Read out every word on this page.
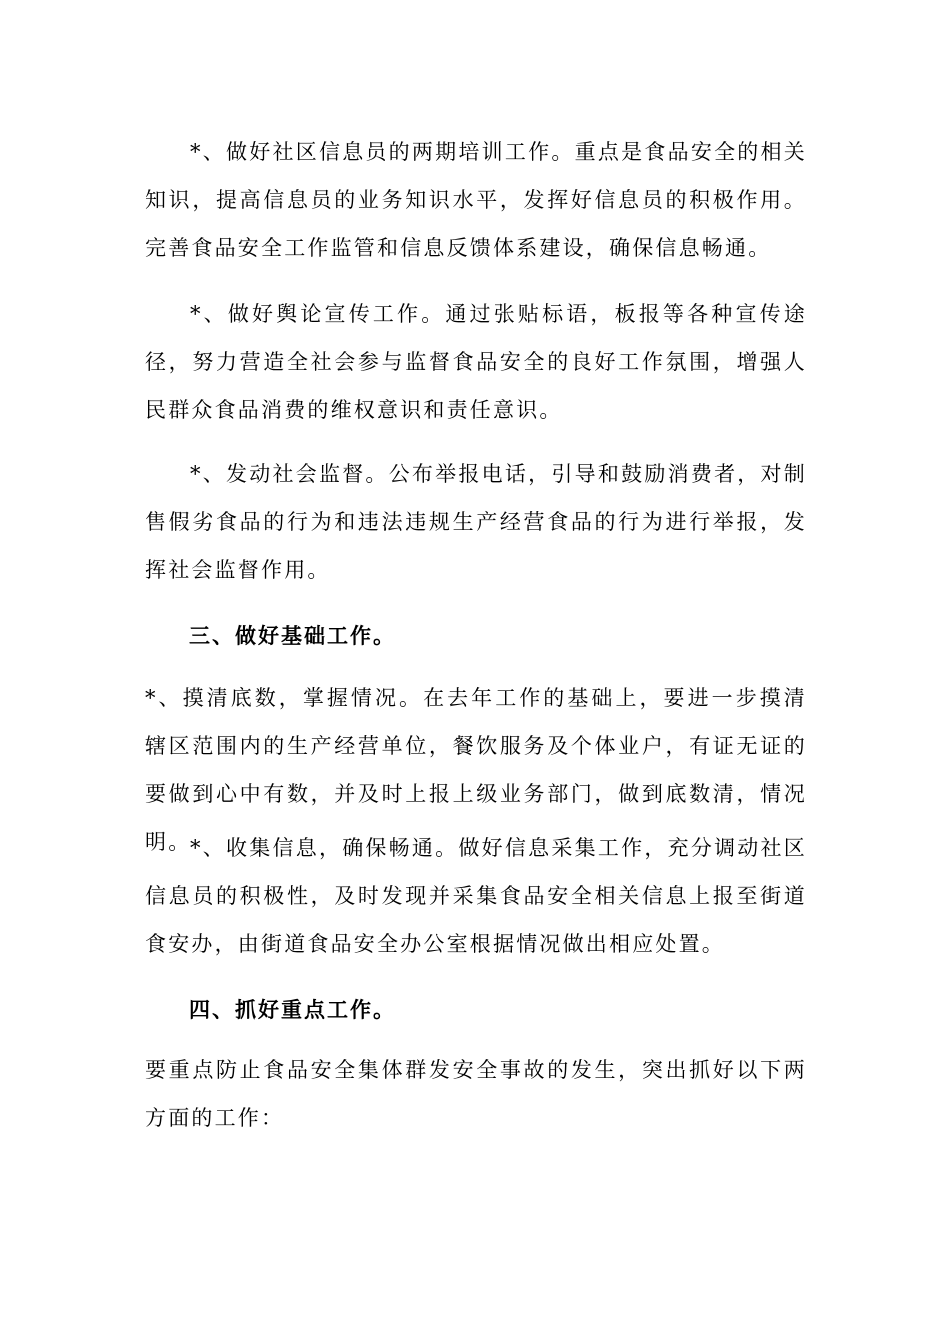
*、做好社区信息员的两期培训工作。重点是食品安全的相关知识，提高信息员的业务知识水平，发挥好信息员的积极作用。完善食品安全工作监管和信息反馈体系建设，确保信息畅通。

*、做好舆论宣传工作。通过张贴标语，板报等各种宣传途径，努力营造全社会参与监督食品安全的良好工作氛围，增强人民群众食品消费的维权意识和责任意识。

*、发动社会监督。公布举报电话，引导和鼓励消费者，对制售假劣食品的行为和违法违规生产经营食品的行为进行举报，发挥社会监督作用。

三、做好基础工作。

*、摸清底数，掌握情况。在去年工作的基础上，要进一步摸清辖区范围内的生产经营单位，餐饮服务及个体业户，有证无证的要做到心中有数，并及时上报上级业务部门，做到底数清，情况明。

*、收集信息，确保畅通。做好信息采集工作，充分调动社区信息员的积极性，及时发现并采集食品安全相关信息上报至街道食安办，由街道食品安全办公室根据情况做出相应处置。

四、抓好重点工作。

要重点防止食品安全集体群发安全事故的发生，突出抓好以下两方面的工作：
